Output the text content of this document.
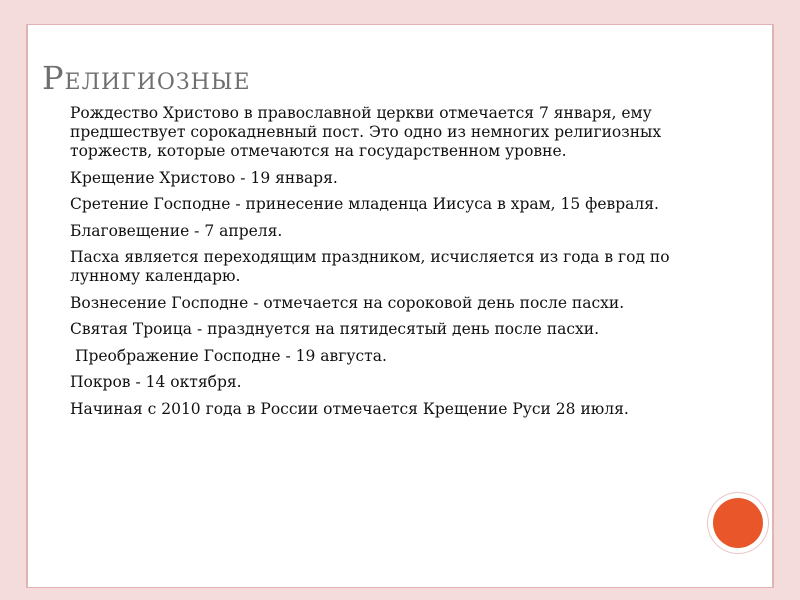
Религиозные
Рождество Христово в православной церкви отмечается 7 января, ему предшествует сорокадневный пост. Это одно из немногих религиозных торжеств, которые отмечаются на государственном уровне.
Крещение Христово - 19 января.
Сретение Господне - принесение младенца Иисуса в храм, 15 февраля.
Благовещение - 7 апреля.
Пасха является переходящим праздником, исчисляется из года в год по лунному календарю.
Вознесение Господне - отмечается на сороковой день после пасхи.
Святая Троица - празднуется на пятидесятый день после пасхи.
Преображение Господне - 19 августа.
Покров - 14 октября.
Начиная с 2010 года в России отмечается Крещение Руси 28 июля.
